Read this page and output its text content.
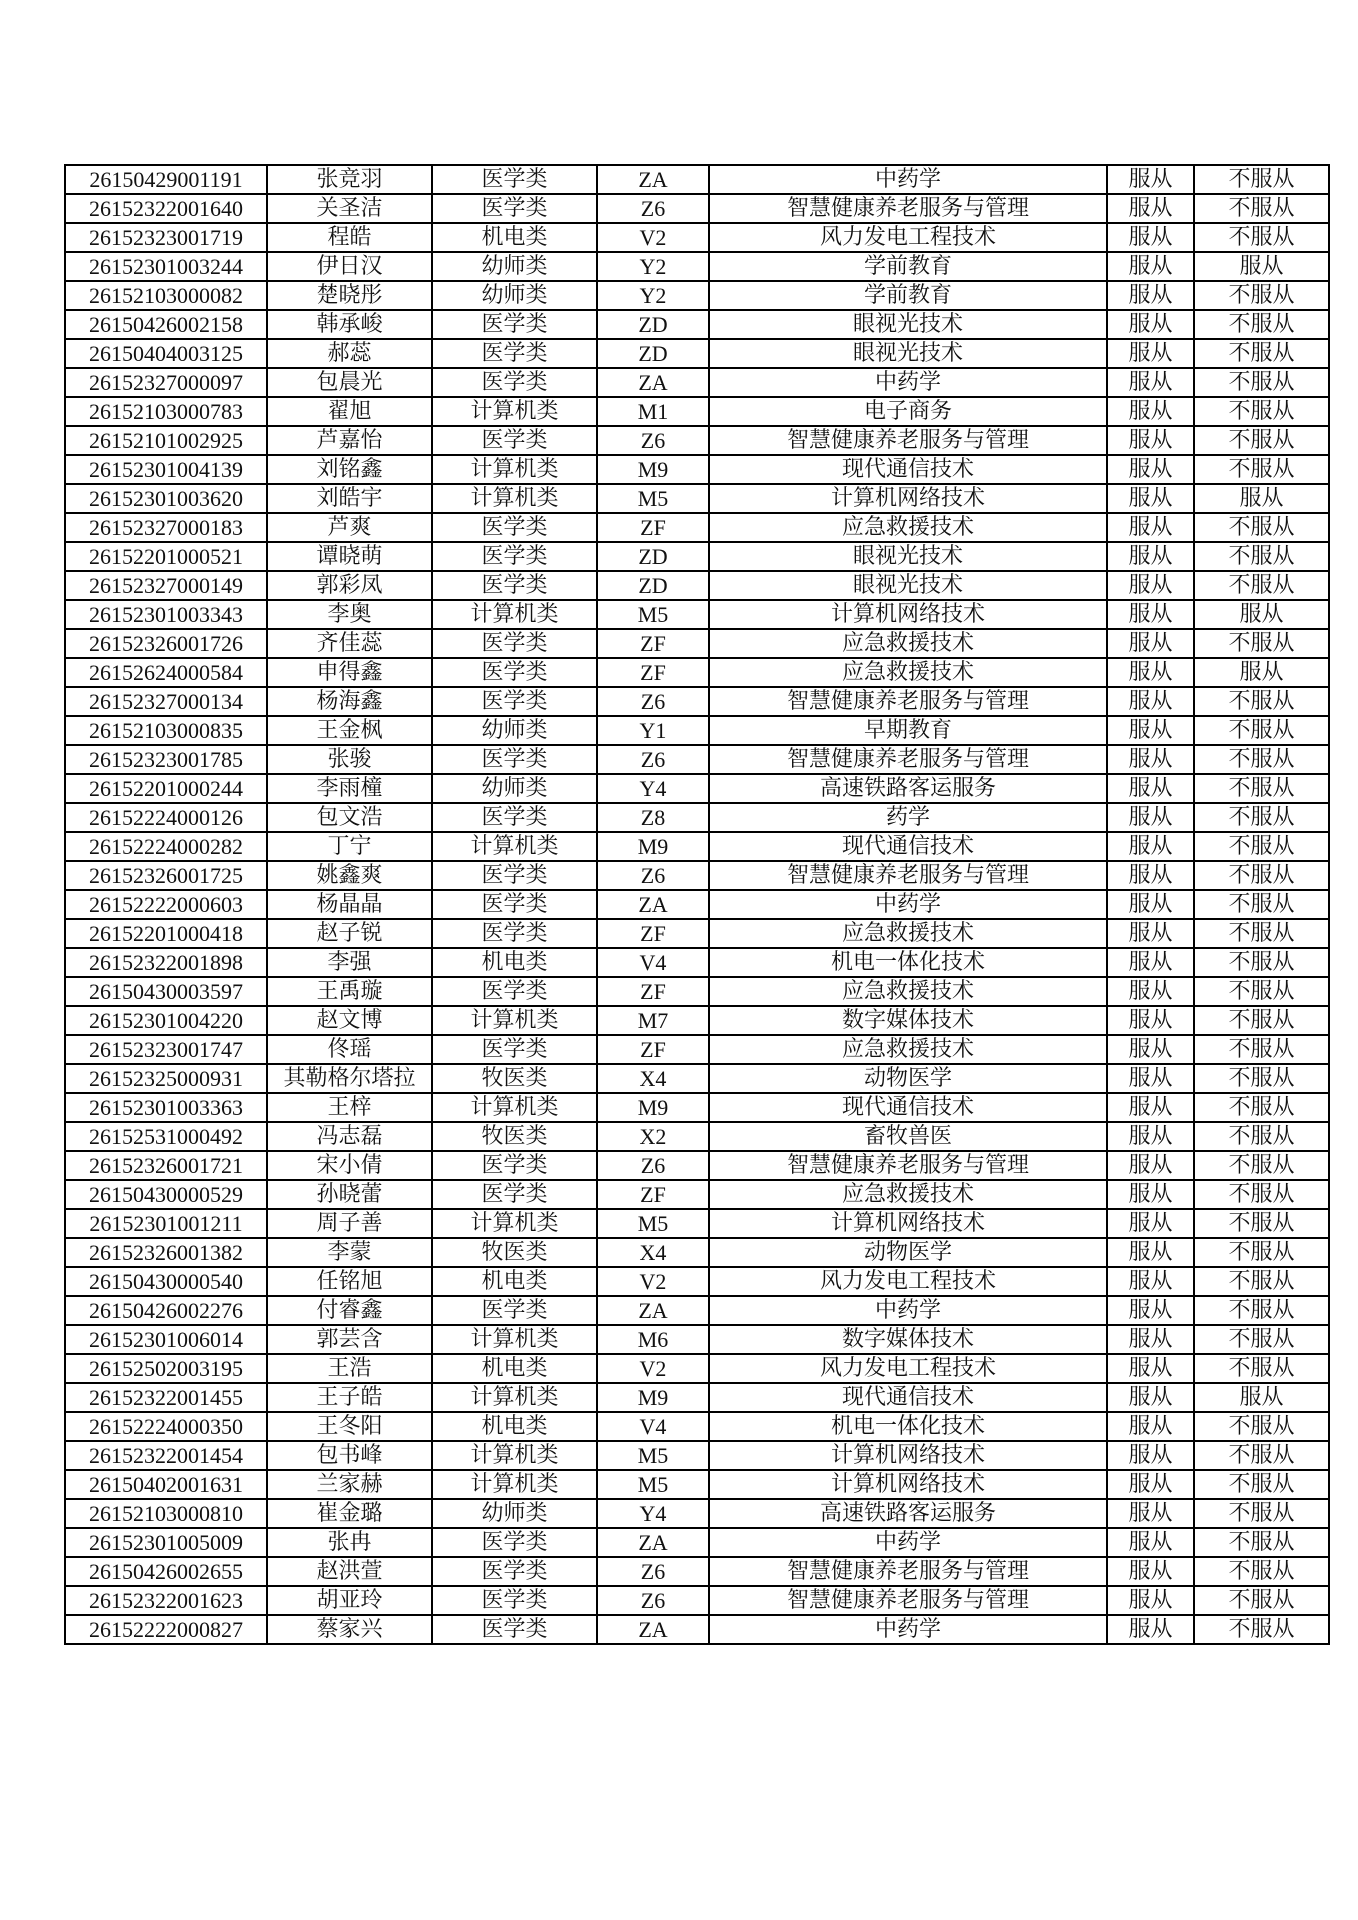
26150429001191	张竞羽	医学类	ZA	中药学	服从	不服从
26152322001640	关圣洁	医学类	Z6	智慧健康养老服务与管理	服从	不服从
26152323001719	程皓	机电类	V2	风力发电工程技术	服从	不服从
26152301003244	伊日汉	幼师类	Y2	学前教育	服从	服从
26152103000082	楚晓彤	幼师类	Y2	学前教育	服从	不服从
26150426002158	韩承峻	医学类	ZD	眼视光技术	服从	不服从
26150404003125	郝蕊	医学类	ZD	眼视光技术	服从	不服从
26152327000097	包晨光	医学类	ZA	中药学	服从	不服从
26152103000783	翟旭	计算机类	M1	电子商务	服从	不服从
26152101002925	芦嘉怡	医学类	Z6	智慧健康养老服务与管理	服从	不服从
26152301004139	刘铭鑫	计算机类	M9	现代通信技术	服从	不服从
26152301003620	刘皓宇	计算机类	M5	计算机网络技术	服从	服从
26152327000183	芦爽	医学类	ZF	应急救援技术	服从	不服从
26152201000521	谭晓萌	医学类	ZD	眼视光技术	服从	不服从
26152327000149	郭彩凤	医学类	ZD	眼视光技术	服从	不服从
26152301003343	李奥	计算机类	M5	计算机网络技术	服从	服从
26152326001726	齐佳蕊	医学类	ZF	应急救援技术	服从	不服从
26152624000584	申得鑫	医学类	ZF	应急救援技术	服从	服从
26152327000134	杨海鑫	医学类	Z6	智慧健康养老服务与管理	服从	不服从
26152103000835	王金枫	幼师类	Y1	早期教育	服从	不服从
26152323001785	张骏	医学类	Z6	智慧健康养老服务与管理	服从	不服从
26152201000244	李雨橦	幼师类	Y4	高速铁路客运服务	服从	不服从
26152224000126	包文浩	医学类	Z8	药学	服从	不服从
26152224000282	丁宁	计算机类	M9	现代通信技术	服从	不服从
26152326001725	姚鑫爽	医学类	Z6	智慧健康养老服务与管理	服从	不服从
26152222000603	杨晶晶	医学类	ZA	中药学	服从	不服从
26152201000418	赵子锐	医学类	ZF	应急救援技术	服从	不服从
26152322001898	李强	机电类	V4	机电一体化技术	服从	不服从
26150430003597	王禹璇	医学类	ZF	应急救援技术	服从	不服从
26152301004220	赵文博	计算机类	M7	数字媒体技术	服从	不服从
26152323001747	佟瑶	医学类	ZF	应急救援技术	服从	不服从
26152325000931	其勒格尔塔拉	牧医类	X4	动物医学	服从	不服从
26152301003363	王梓	计算机类	M9	现代通信技术	服从	不服从
26152531000492	冯志磊	牧医类	X2	畜牧兽医	服从	不服从
26152326001721	宋小倩	医学类	Z6	智慧健康养老服务与管理	服从	不服从
26150430000529	孙晓蕾	医学类	ZF	应急救援技术	服从	不服从
26152301001211	周子善	计算机类	M5	计算机网络技术	服从	不服从
26152326001382	李蒙	牧医类	X4	动物医学	服从	不服从
26150430000540	任铭旭	机电类	V2	风力发电工程技术	服从	不服从
26150426002276	付睿鑫	医学类	ZA	中药学	服从	不服从
26152301006014	郭芸含	计算机类	M6	数字媒体技术	服从	不服从
26152502003195	王浩	机电类	V2	风力发电工程技术	服从	不服从
26152322001455	王子皓	计算机类	M9	现代通信技术	服从	服从
26152224000350	王冬阳	机电类	V4	机电一体化技术	服从	不服从
26152322001454	包书峰	计算机类	M5	计算机网络技术	服从	不服从
26150402001631	兰家赫	计算机类	M5	计算机网络技术	服从	不服从
26152103000810	崔金璐	幼师类	Y4	高速铁路客运服务	服从	不服从
26152301005009	张冉	医学类	ZA	中药学	服从	不服从
26150426002655	赵洪萱	医学类	Z6	智慧健康养老服务与管理	服从	不服从
26152322001623	胡亚玲	医学类	Z6	智慧健康养老服务与管理	服从	不服从
26152222000827	蔡家兴	医学类	ZA	中药学	服从	不服从
